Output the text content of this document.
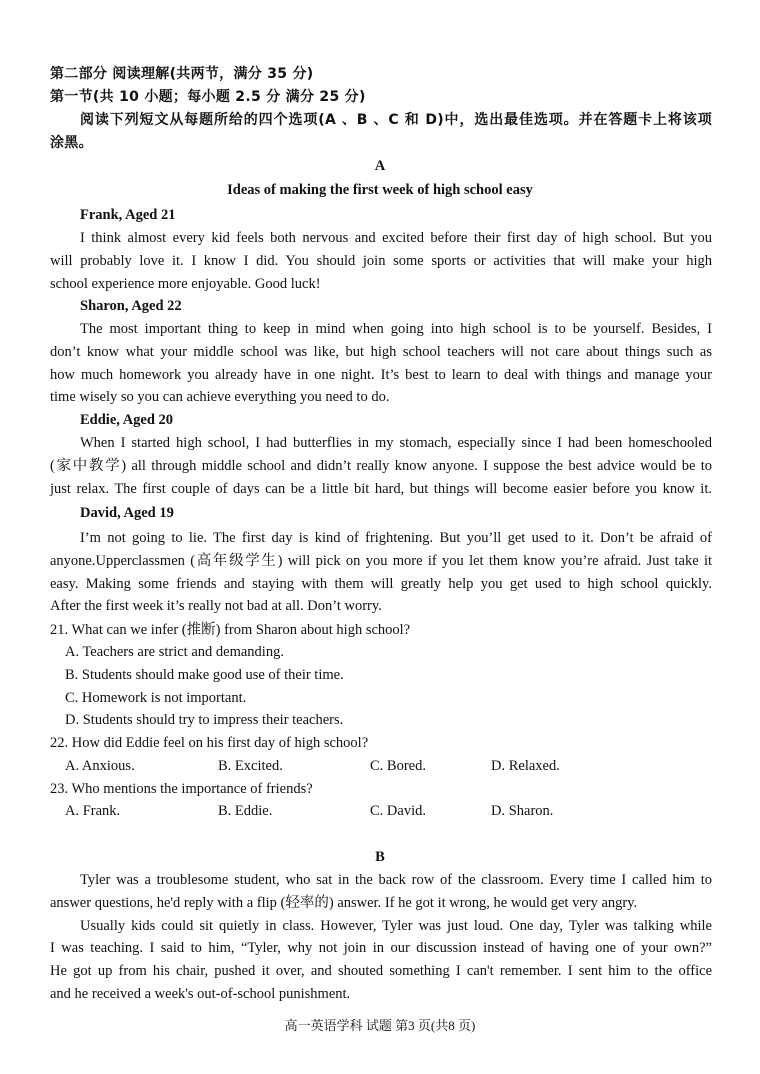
第二部分 阅读理解(共两节，满分 35 分)
第一节(共 10 小题；每小题 2.5 分 满分 25 分)
阅读下列短文从每题所给的四个选项(A 、B 、C 和 D)中，选出最佳选项。并在答题卡上将该项
涂黑。
A
Ideas of making the first week of high school easy
Frank, Aged 21
I think almost every kid feels both nervous and excited before their first day of high school. But you
will probably love it. I know I did. You should join some sports or activities that will make your high
school experience more enjoyable. Good luck!
Sharon, Aged 22
The most important thing to keep in mind when going into high school is to be yourself. Besides, I
don’t know what your middle school was like, but high school teachers will not care about things such as
how much homework you already have in one night. It’s best to learn to deal with things and manage your
time wisely so you can achieve everything you need to do.
Eddie, Aged 20
When I started high school, I had butterflies in my stomach, especially since I had been homeschooled
(家中教学) all through middle school and didn’t really know anyone. I suppose the best advice would be to
just relax. The first couple of days can be a little bit hard, but things will become easier before you know it.
David, Aged 19
I’m not going to lie. The first day is kind of frightening. But you’ll get used to it. Don’t be afraid of
anyone.Upperclassmen (高年级学生) will pick on you more if you let them know you’re afraid. Just take it
easy. Making some friends and staying with them will greatly help you get used to high school quickly.
After the first week it’s really not bad at all. Don’t worry.
21. What can we infer (推断) from Sharon about high school?
A. Teachers are strict and demanding.
B. Students should make good use of their time.
C. Homework is not important.
D. Students should try to impress their teachers.
22. How did Eddie feel on his first day of high school?
A. Anxious.	B. Excited.	C. Bored.	D. Relaxed.
23. Who mentions the importance of friends?
A. Frank.	B. Eddie.	C. David.	D. Sharon.
B
Tyler was a troublesome student, who sat in the back row of the classroom. Every time I called him to
answer questions, he'd reply with a flip (轻率的) answer. If he got it wrong, he would get very angry.
Usually kids could sit quietly in class. However, Tyler was just loud. One day, Tyler was talking while
I was teaching. I said to him, “Tyler, why not join in our discussion instead of having one of your own?”
He got up from his chair, pushed it over, and shouted something I can't remember. I sent him to the office
and he received a week's out-of-school punishment.
高一英语学科 试题 第3 页(共8 页)
